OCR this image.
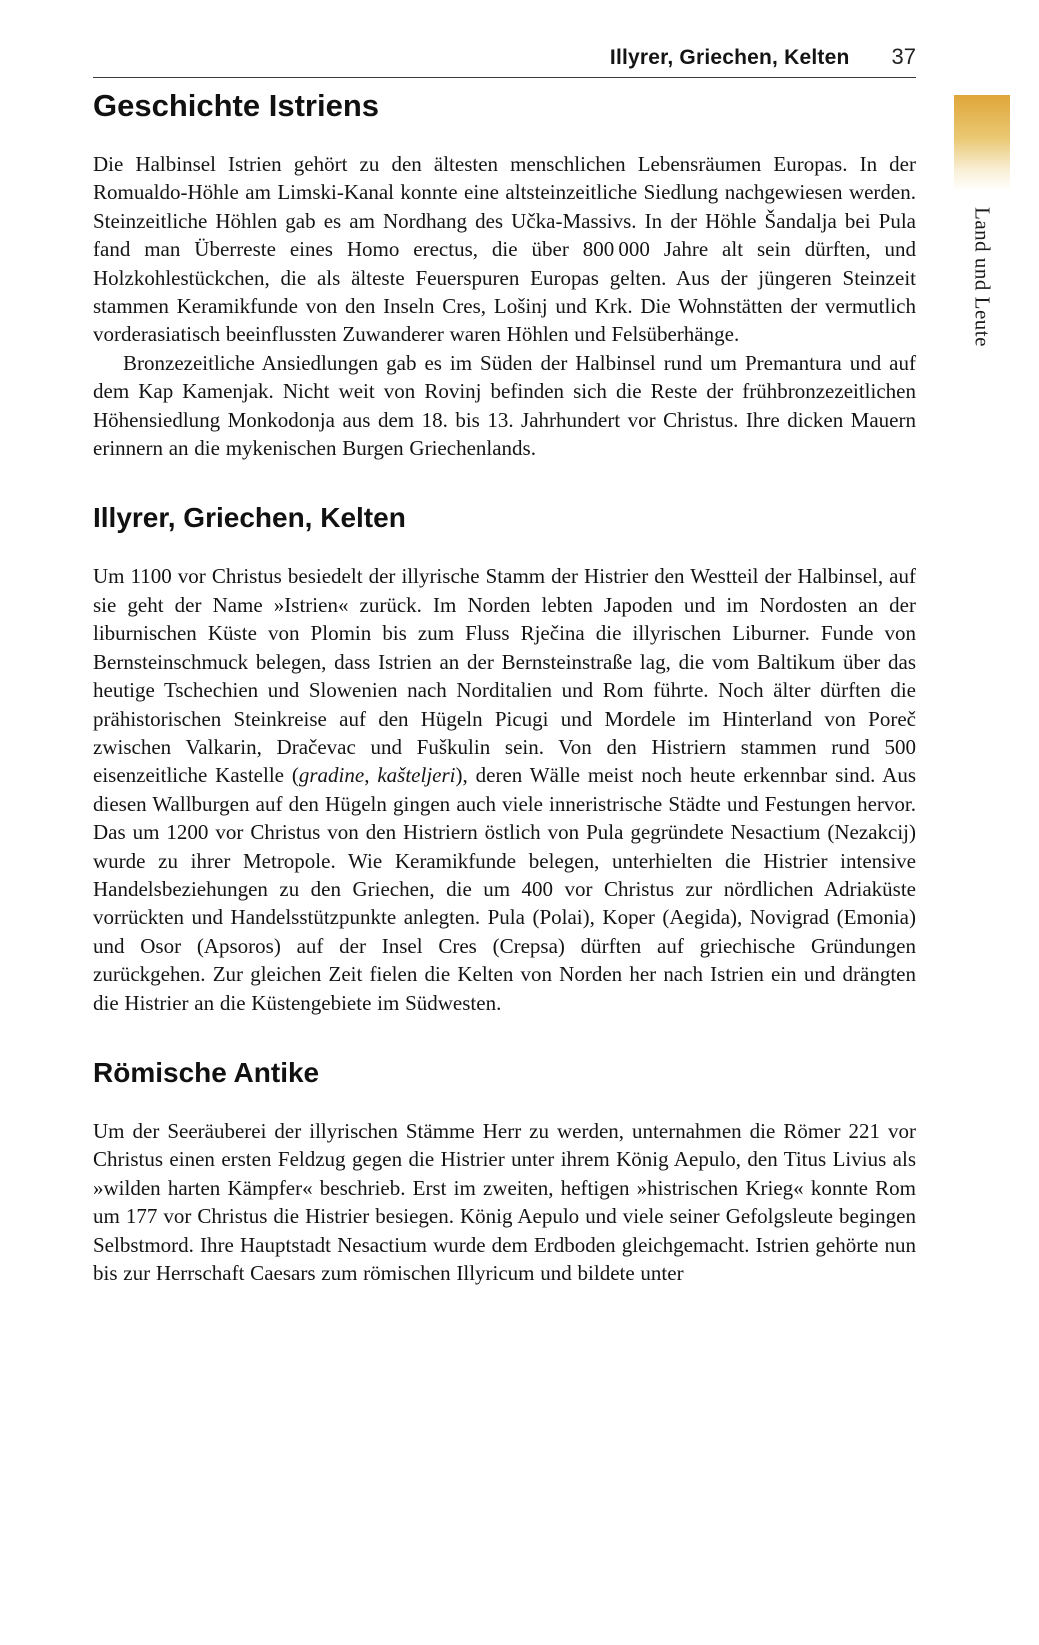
Illyrer, Griechen, Kelten 37
Land und Leute
Geschichte Istriens

Die Halbinsel Istrien gehört zu den ältesten menschlichen Lebensräumen Europas. In der Romualdo-Höhle am Limski-Kanal konnte eine altsteinzeitliche Siedlung nachgewiesen werden. Steinzeitliche Höhlen gab es am Nordhang des Učka-Massivs. In der Höhle Šandalja bei Pula fand man Überreste eines Homo erectus, die über 800 000 Jahre alt sein dürften, und Holzkohlestückchen, die als älteste Feuerspuren Europas gelten. Aus der jüngeren Steinzeit stammen Keramikfunde von den Inseln Cres, Lošinj und Krk. Die Wohnstätten der vermutlich vorderasiatisch beeinflussten Zuwanderer waren Höhlen und Felsüberhänge.

Bronzezeitliche Ansiedlungen gab es im Süden der Halbinsel rund um Premantura und auf dem Kap Kamenjak. Nicht weit von Rovinj befinden sich die Reste der frühbronzezeitlichen Höhensiedlung Monkodonja aus dem 18. bis 13. Jahrhundert vor Christus. Ihre dicken Mauern erinnern an die mykenischen Burgen Griechenlands.

Illyrer, Griechen, Kelten

Um 1100 vor Christus besiedelt der illyrische Stamm der Histrier den Westteil der Halbinsel, auf sie geht der Name »Istrien« zurück. Im Norden lebten Japoden und im Nordosten an der liburnischen Küste von Plomin bis zum Fluss Rječina die illyrischen Liburner. Funde von Bernsteinschmuck belegen, dass Istrien an der Bernsteinstraße lag, die vom Baltikum über das heutige Tschechien und Slowenien nach Norditalien und Rom führte. Noch älter dürften die prähistorischen Steinkreise auf den Hügeln Picugi und Mordele im Hinterland von Poreč zwischen Valkarin, Dračevac und Fuškulin sein. Von den Histriern stammen rund 500 eisenzeitliche Kastelle (gradine, kašteljeri), deren Wälle meist noch heute erkennbar sind. Aus diesen Wallburgen auf den Hügeln gingen auch viele inneristrische Städte und Festungen hervor. Das um 1200 vor Christus von den Histriern östlich von Pula gegründete Nesactium (Nezakcij) wurde zu ihrer Metropole. Wie Keramikfunde belegen, unterhielten die Histrier intensive Handelsbeziehungen zu den Griechen, die um 400 vor Christus zur nördlichen Adriaküste vorrückten und Handelsstützpunkte anlegten. Pula (Polai), Koper (Aegida), Novigrad (Emonia) und Osor (Apsoros) auf der Insel Cres (Crepsa) dürften auf griechische Gründungen zurückgehen. Zur gleichen Zeit fielen die Kelten von Norden her nach Istrien ein und drängten die Histrier an die Küstengebiete im Südwesten.

Römische Antike

Um der Seeräuberei der illyrischen Stämme Herr zu werden, unternahmen die Römer 221 vor Christus einen ersten Feldzug gegen die Histrier unter ihrem König Aepulo, den Titus Livius als »wilden harten Kämpfer« beschrieb. Erst im zweiten, heftigen »histrischen Krieg« konnte Rom um 177 vor Christus die Histrier besiegen. König Aepulo und viele seiner Gefolgsleute begingen Selbstmord. Ihre Hauptstadt Nesactium wurde dem Erdboden gleichgemacht. Istrien gehörte nun bis zur Herrschaft Caesars zum römischen Illyricum und bildete unter
